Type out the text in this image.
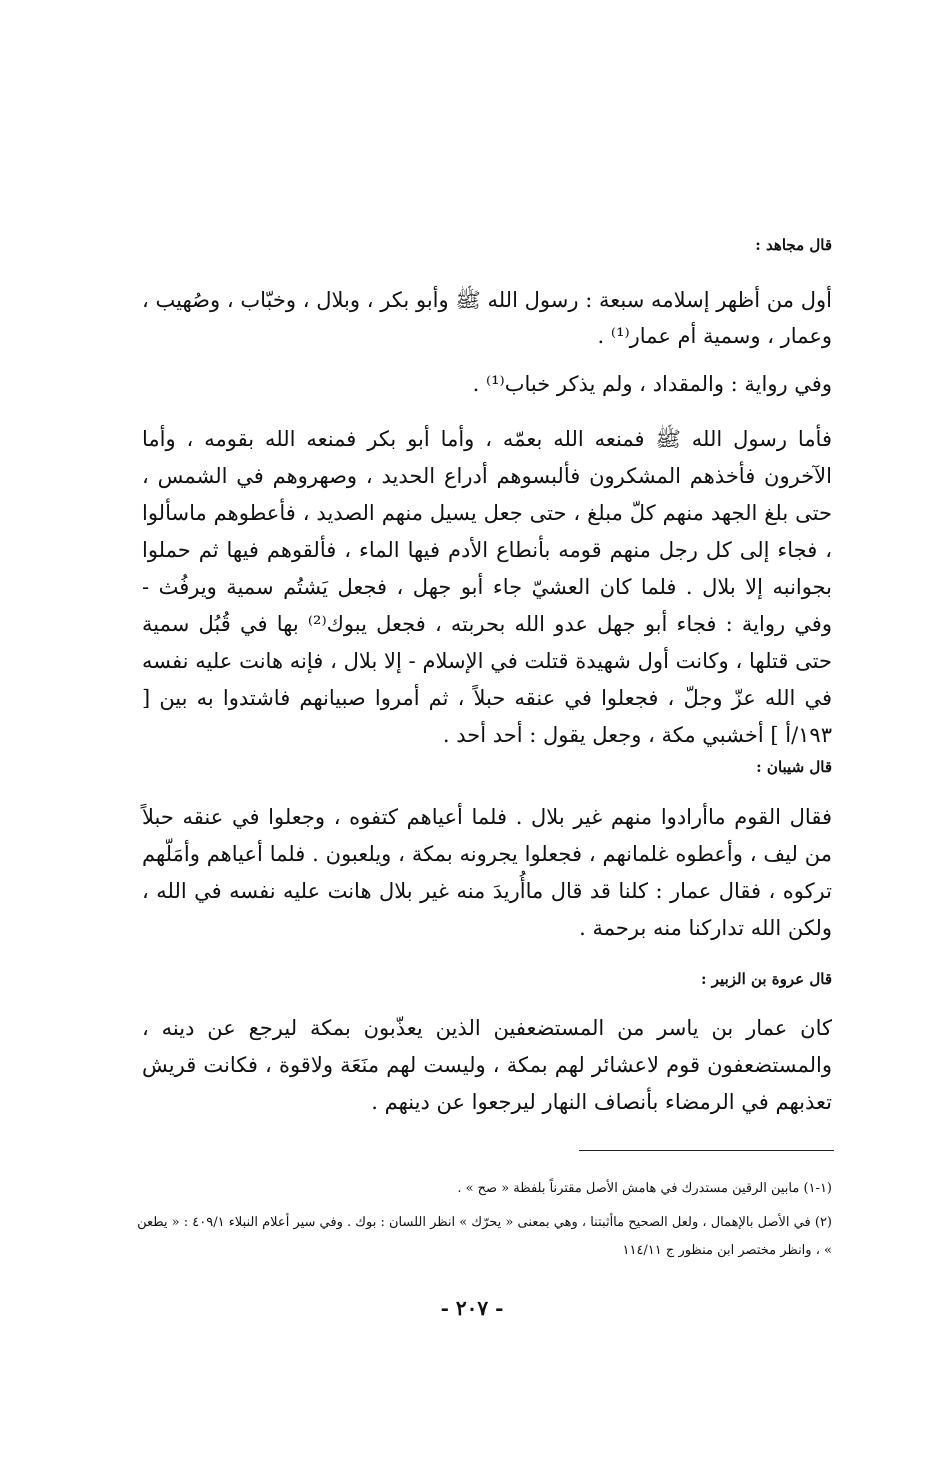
قال مجاهد :

أول من أظهر إسلامه سبعة : رسول الله ﷺ وأبو بكر ، وبلال ، وخبّاب ، وصُهيب ، وعمار ، وسمية أم عمار⁽¹⁾ .

وفي رواية : والمقداد ، ولم يذكر خباب⁽¹⁾ .

فأما رسول الله ﷺ فمنعه الله بعمّه ، وأما أبو بكر فمنعه الله بقومه ، وأما الآخرون فأخذهم المشكرون فألبسوهم أدراع الحديد ، وصهروهم في الشمس ، حتى بلغ الجهد منهم كلّ مبلغ ، حتى جعل يسيل منهم الصديد ، فأعطوهم ماسألوا ، فجاء إلى كل رجل منهم قومه بأنطاع الأدم فيها الماء ، فألقوهم فيها ثم حملوا بجوانبه إلا بلال . فلما كان العشيّ جاء أبو جهل ، فجعل يَشتُم سمية ويرفُث - وفي رواية : فجاء أبو جهل عدو الله بحربته ، فجعل يبوك⁽²⁾ بها في قُبُل سمية حتى قتلها ، وكانت أول شهيدة قتلت في الإسلام - إلا بلال ، فإنه هانت عليه نفسه في الله عزّ وجلّ ، فجعلوا في عنقه حبلاً ، ثم أمروا صبيانهم فاشتدوا به بين [ ١٩٣/أ ] أخشبي مكة ، وجعل يقول : أحد أحد .

قال شيبان :

فقال القوم ماأرادوا منهم غير بلال . فلما أعياهم كتفوه ، وجعلوا في عنقه حبلاً من ليف ، وأعطوه غلمانهم ، فجعلوا يجرونه بمكة ، ويلعبون . فلما أعياهم وأمَلّهم تركوه ، فقال عمار : كلنا قد قال ماأُريدَ منه غير بلال هانت عليه نفسه في الله ، ولكن الله تداركنا منه برحمة .

قال عروة بن الزبير :

كان عمار بن ياسر من المستضعفين الذين يعذّبون بمكة ليرجع عن دينه ، والمستضعفون قوم لاعشائر لهم بمكة ، وليست لهم منَعَة ولاقوة ، فكانت قريش تعذبهم في الرمضاء بأنصاف النهار ليرجعوا عن دينهم .

(١-١) مابين الرقين مستدرك في هامش الأصل مقترناً بلفظة « صح » .
(٢) في الأصل بالإهمال ، ولعل الصحيح ماأثبتنا ، وهي بمعنى « يحرّك » انظر اللسان : بوك . وفي سير أعلام النبلاء ٤٠٩/١ : « يطعن » ، وانظر مختصر ابن منظور ج ١١٤/١١
- ٢٠٧ -
